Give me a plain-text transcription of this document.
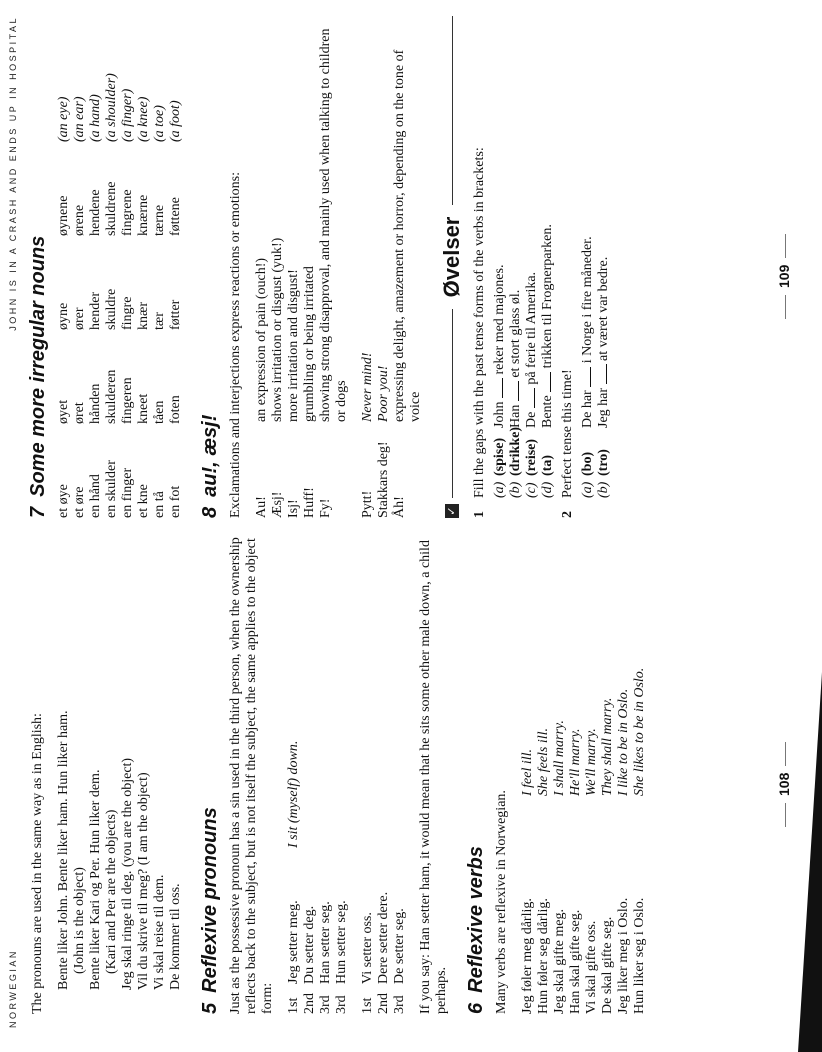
NORWEGIAN The pronouns are used in the same way as in English: Bente liker John. Bente liker ham. Hun liker ham. (John is the object) Bente liker Kari og Per. Hun liker dem. (Kari and Per are the objects) Jeg skal ringe til deg. (you are the object) Vil du skrive til meg? (I am the object) Vi skal reise til dem. De kommer til oss.
5Reflexive pronouns Just as the possessive pronoun has a sin used in the third person, when the ownership reflects back to the subject, but is not itself the subject, the same applies to the object form: 1st	Jeg setter meg.	I sit (myself) down.
2nd	Du setter deg.	
3rd	Han setter seg.	
3rd	Hun setter seg.	
1st	Vi setter oss.
2nd	Dere setter dere.
3rd	De setter seg. If you say: Han setter ham, it would mean that he sits some other male down, a child perhaps. 6Reflexive verbs Many verbs are reflexive in Norwegian. Jeg føler meg dårlig.	I feel ill.
Hun føler seg dårlig.	She feels ill.
Jeg skal gifte meg.	I shall marry.
Han skal gifte seg.	He'll marry.
Vi skal gifte oss.	We'll marry.
De skal gifte seg.	They shall marry.
Jeg liker meg i Oslo.	I like to be in Oslo.
Hun liker seg i Oslo.	She likes to be in Oslo.	108
JOHN IS IN A CRASH AND ENDS UP IN HOSPITAL
7Some more irregular nouns
et øye	øyet	øyne	øynene	(an eye)
et øre	øret	ører	ørene	(an ear)
en hånd	hånden	hender	hendene	(a hand)
en skulder	skulderen	skuldre	skuldrene	(a shoulder)
en finger	fingeren	fingre	fingrene	(a finger)
et kne	kneet	knær	knærne	(a knee)
en tå	tåen	tær	tærne	(a toe)
en fot	foten	føtter	føttene	(a foot)
8au!, æsj! Exclamations and interjections express reactions or emotions: Au!	an expression of pain (ouch!)
Æsj!	shows irritation or disgust (yuk!)
Isj!	more irritation and disgust!
Huff!	grumbling or being irritated
Fy!	showing strong disapproval, and mainly used when talking to children or dogs
Pytt!	Never mind!
Stakkars deg!	Poor you!
Åh!	expressing delight, amazement or horror, depending on the tone of voice
✓
Øvelser
1
Fill the gaps with the past tense forms of the verbs in brackets: (a)
(spise)
John  reker med majones.
(b)
(drikke)
Han  et stort glass øl.
(c)
(reise)
De  på ferie til Amerika.
(d)
(ta)
Bente  trikken til Frognerparken.
2
Perfect tense this time! (a)
(bo)
De har  i Norge i fire måneder.
(b)
(tro)
Jeg har  at været var bedre.	109
